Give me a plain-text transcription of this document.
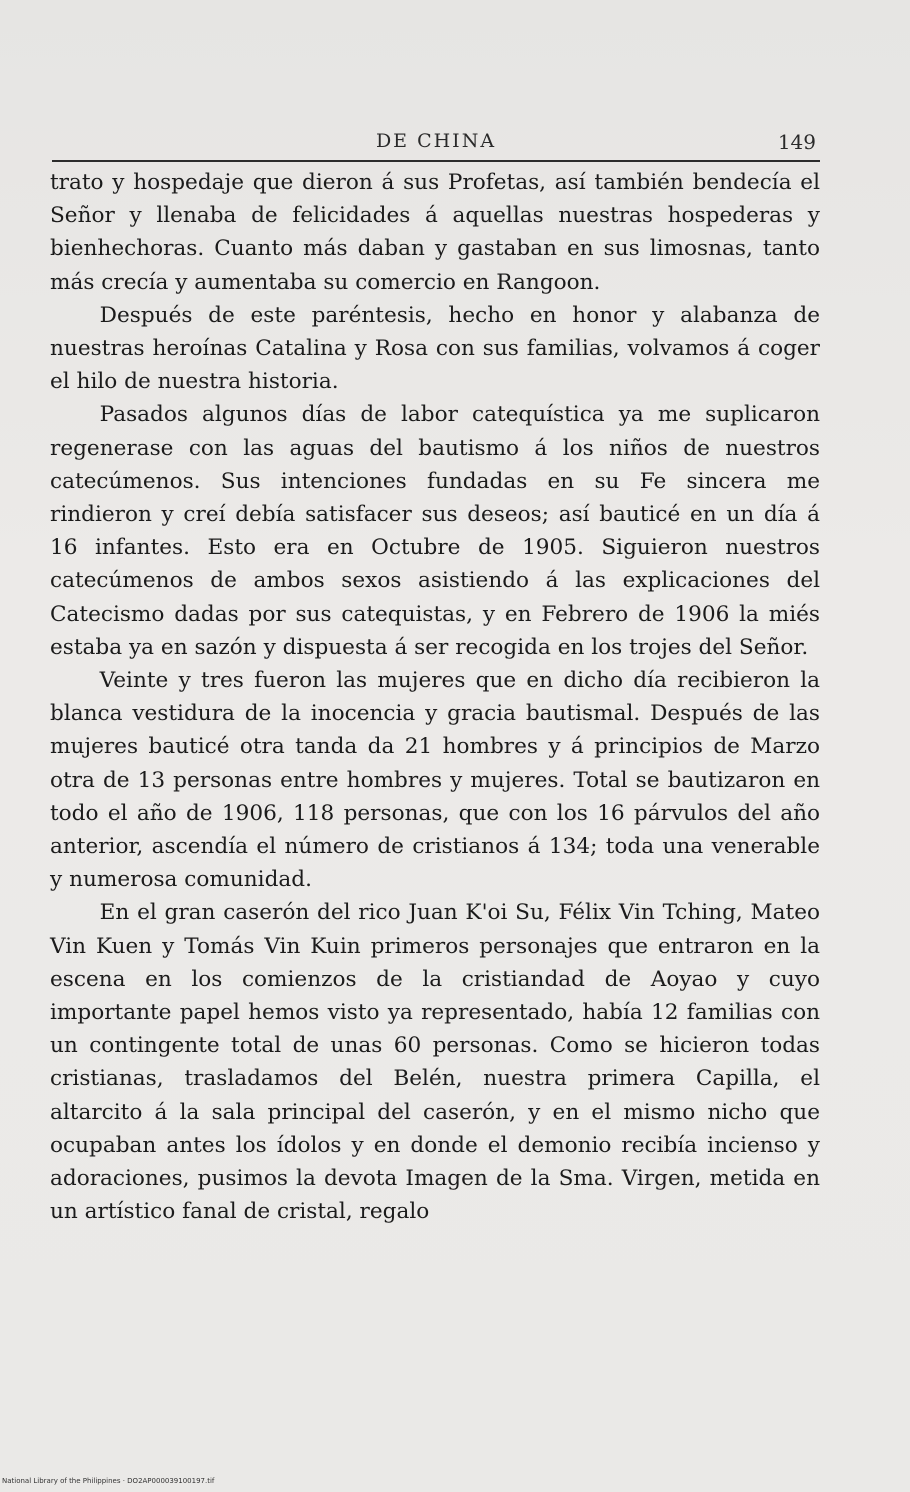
DE CHINA	149

trato y hospedaje que dieron á sus Profetas, así también bendecía el Señor y llenaba de felicidades á aquellas nuestras hospederas y bienhechoras. Cuanto más daban y gastaban en sus limosnas, tanto más crecía y aumentaba su comercio en Rangoon.

Después de este paréntesis, hecho en honor y alabanza de nuestras heroínas Catalina y Rosa con sus familias, volvamos á coger el hilo de nuestra historia.

Pasados algunos días de labor catequística ya me suplicaron regenerase con las aguas del bautismo á los niños de nuestros catecúmenos. Sus intenciones fundadas en su Fe sincera me rindieron y creí debía satisfacer sus deseos; así bauticé en un día á 16 infantes. Esto era en Octubre de 1905. Siguieron nuestros catecúmenos de ambos sexos asistiendo á las explicaciones del Catecismo dadas por sus catequistas, y en Febrero de 1906 la miés estaba ya en sazón y dispuesta á ser recogida en los trojes del Señor.

Veinte y tres fueron las mujeres que en dicho día recibieron la blanca vestidura de la inocencia y gracia bautismal. Después de las mujeres bauticé otra tanda da 21 hombres y á principios de Marzo otra de 13 personas entre hombres y mujeres. Total se bautizaron en todo el año de 1906, 118 personas, que con los 16 párvulos del año anterior, ascendía el número de cristianos á 134; toda una venerable y numerosa comunidad.

En el gran caserón del rico Juan K'oi Su, Félix Vin Tching, Mateo Vin Kuen y Tomás Vin Kuin primeros personajes que entraron en la escena en los comienzos de la cristiandad de Aoyao y cuyo importante papel hemos visto ya representado, había 12 familias con un contingente total de unas 60 personas. Como se hicieron todas cristianas, trasladamos del Belén, nuestra primera Capilla, el altarcito á la sala principal del caserón, y en el mismo nicho que ocupaban antes los ídolos y en donde el demonio recibía incienso y adoraciones, pusimos la devota Imagen de la Sma. Virgen, metida en un artístico fanal de cristal, regalo

National Library of the Philippines · DO2AP000039100197.tif
